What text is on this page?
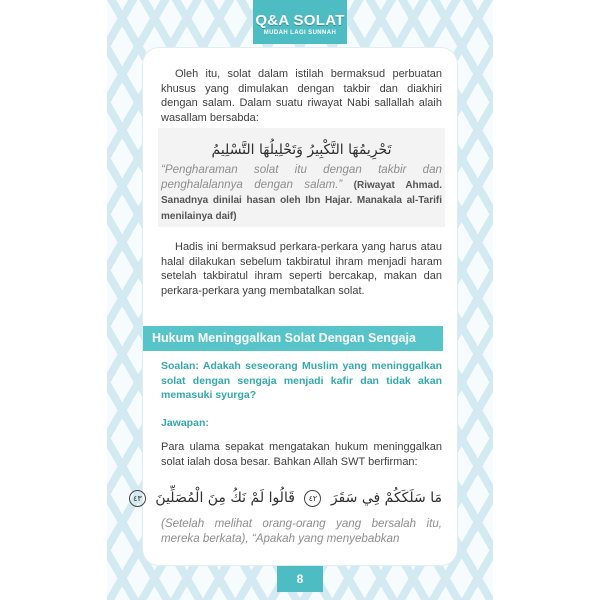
Q&A SOLAT
MUDAH LAGI SUNNAH

Oleh itu, solat dalam istilah bermaksud perbuatan khusus yang dimulakan dengan takbir dan diakhiri dengan salam. Dalam suatu riwayat Nabi sallallah alaih wasallam bersabda:

تَحْرِيمُهَا التَّكْبِيرُ وَتَحْلِيلُهَا التَّسْلِيمُ

“Pengharaman solat itu dengan takbir dan penghalalannya dengan salam.” (Riwayat Ahmad. Sanadnya dinilai hasan oleh Ibn Hajar. Manakala al-Tarifi menilainya daif)

Hadis ini bermaksud perkara-perkara yang harus atau halal dilakukan sebelum takbiratul ihram menjadi haram setelah takbiratul ihram seperti bercakap, makan dan perkara-perkara yang membatalkan solat.

Hukum Meninggalkan Solat Dengan Sengaja

Soalan: Adakah seseorang Muslim yang meninggalkan solat dengan sengaja menjadi kafir dan tidak akan memasuki syurga?

Jawapan:

Para ulama sepakat mengatakan hukum meninggalkan solat ialah dosa besar. Bahkan Allah SWT berfirman:

مَا سَلَكَكُمْ فِي سَقَرَ ٤٢ قَالُوا لَمْ نَكُ مِنَ الْمُصَلِّينَ ٤٣

(Setelah melihat orang-orang yang bersalah itu, mereka berkata), “Apakah yang menyebabkan

8
